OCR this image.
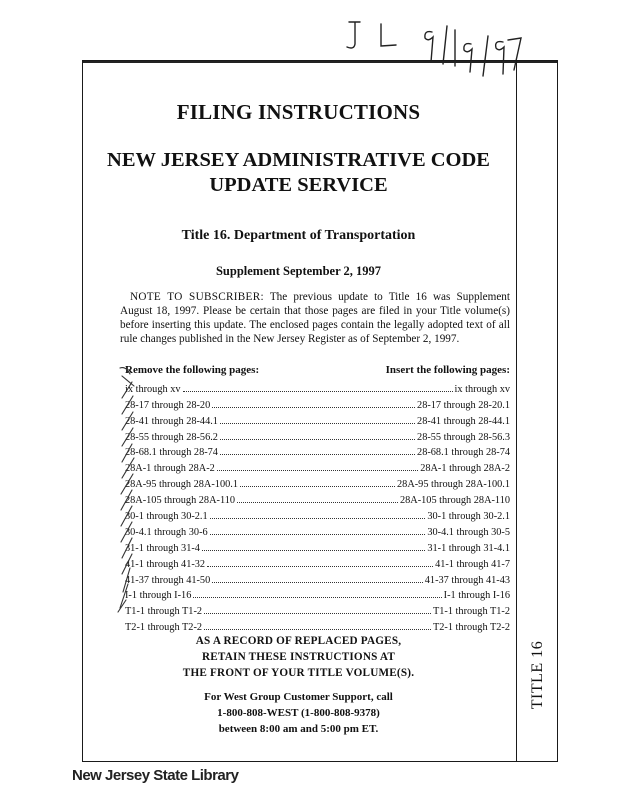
FILING INSTRUCTIONS
NEW JERSEY ADMINISTRATIVE CODE
UPDATE SERVICE
Title 16. Department of Transportation
Supplement September 2, 1997
NOTE TO SUBSCRIBER: The previous update to Title 16 was Supplement August 18, 1997. Please be certain that those pages are filed in your Title volume(s) before inserting this update. The enclosed pages contain the legally adopted text of all rule changes published in the New Jersey Register as of September 2, 1997.
Remove the following pages:	Insert the following pages:
ix through xv	ix through xv
28-17 through 28-20	28-17 through 28-20.1
28-41 through 28-44.1	28-41 through 28-44.1
28-55 through 28-56.2	28-55 through 28-56.3
28-68.1 through 28-74	28-68.1 through 28-74
28A-1 through 28A-2	28A-1 through 28A-2
28A-95 through 28A-100.1	28A-95 through 28A-100.1
28A-105 through 28A-110	28A-105 through 28A-110
30-1 through 30-2.1	30-1 through 30-2.1
30-4.1 through 30-6	30-4.1 through 30-5
31-1 through 31-4	31-1 through 31-4.1
41-1 through 41-32	41-1 through 41-7
41-37 through 41-50	41-37 through 41-43
I-1 through I-16	I-1 through I-16
T1-1 through T1-2	T1-1 through T1-2
T2-1 through T2-2	T2-1 through T2-2
AS A RECORD OF REPLACED PAGES,
RETAIN THESE INSTRUCTIONS AT
THE FRONT OF YOUR TITLE VOLUME(S).
For West Group Customer Support, call
1-800-808-WEST (1-800-808-9378)
between 8:00 am and 5:00 pm ET.
TITLE 16
New Jersey State Library
